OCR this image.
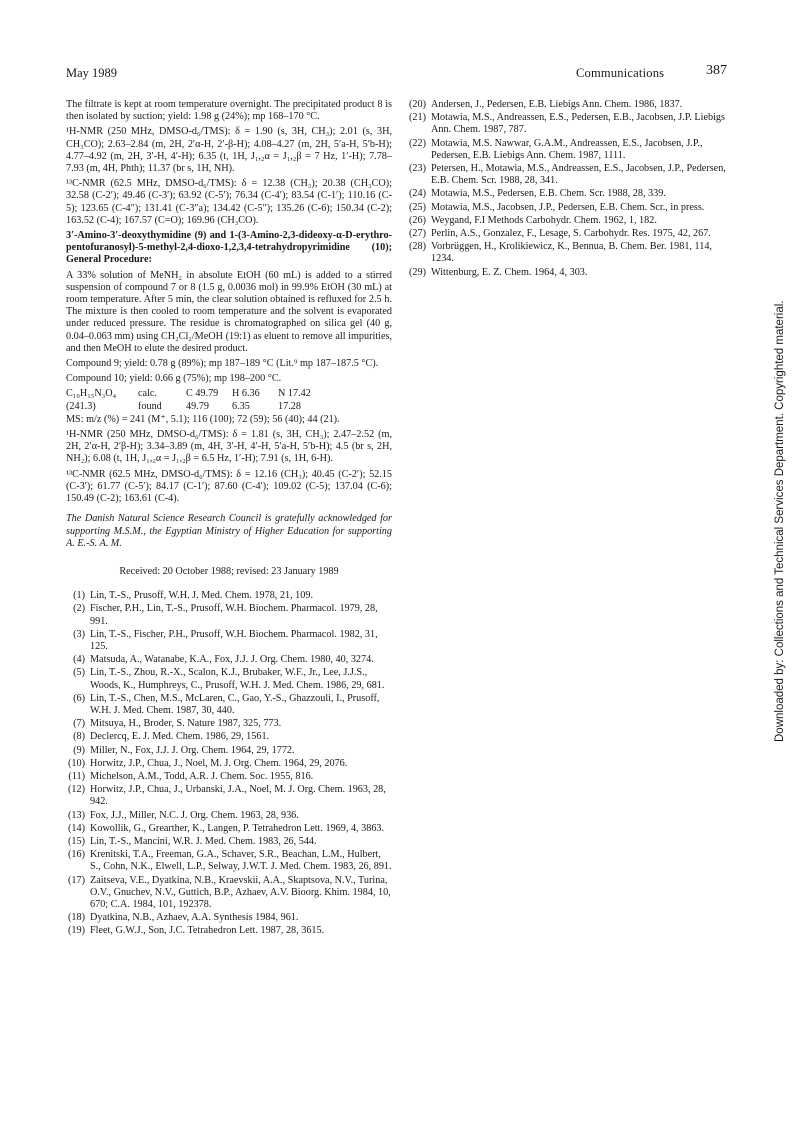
May 1989	Communications	387

The filtrate is kept at room temperature overnight. The precipitated product 8 is then isolated by suction; yield: 1.98 g (24%); mp 168–170 °C.

¹H-NMR (250 MHz, DMSO-d₆/TMS): δ = 1.90 (s, 3H, CH₃); 2.01 (s, 3H, CH₃CO); 2.63–2.84 (m, 2H, 2′α-H, 2′-β-H); 4.08–4.27 (m, 2H, 5′a-H, 5′b-H); 4.77–4.92 (m, 2H, 3′-H, 4′-H); 6.35 (t, 1H, J₁,₂α = J₁,₂β = 7 Hz, 1′-H); 7.78–7.93 (m, 4H, Phth); 11.37 (br s, 1H, NH).

¹³C-NMR (62.5 MHz, DMSO-d₆/TMS): δ = 12.38 (CH₃); 20.38 (CH₃CO); 32.58 (C-2′); 49.46 (C-3′); 63.92 (C-5′); 76.34 (C-4′); 83.54 (C-1′); 110.16 (C-5); 123.65 (C-4″); 131.41 (C-3″a); 134.42 (C-5″); 135.26 (C-6); 150.34 (C-2); 163.52 (C-4); 167.57 (C=O); 169.96 (CH₃CO).

3′-Amino-3′-deoxythymidine (9) and 1-(3-Amino-2,3-dideoxy-α-D-erythro-pentofuranosyl)-5-methyl-2,4-dioxo-1,2,3,4-tetrahydropyrimidine (10); General Procedure:

A 33% solution of MeNH₂ in absolute EtOH (60 mL) is added to a stirred suspension of compound 7 or 8 (1.5 g, 0.0036 mol) in 99.9% EtOH (30 mL) at room temperature. After 5 min, the clear solution obtained is refluxed for 2.5 h. The mixture is then cooled to room temperature and the solvent is evaporated under reduced pressure. The residue is chromatographed on silica gel (40 g, 0.04–0.063 mm) using CH₂Cl₂/MeOH (19:1) as eluent to remove all impurities, and then MeOH to elute the desired product.

Compound 9; yield: 0.78 g (89%); mp 187–189 °C (Lit.⁹ mp 187–187.5 °C).

Compound 10; yield: 0.66 g (75%); mp 198–200 °C.

C₁₀H₁₅N₃O₄	calc.	C 49.79	H 6.36	N 17.42
(241.3)	found	49.79	6.35	17.28

MS: m/z (%) = 241 (M⁺, 5.1); 116 (100); 72 (59); 56 (40); 44 (21).

¹H-NMR (250 MHz, DMSO-d₆/TMS): δ = 1.81 (s, 3H, CH₃); 2.47–2.52 (m, 2H, 2′α-H, 2′β-H); 3.34–3.89 (m, 4H, 3′-H, 4′-H, 5′a-H, 5′b-H); 4.5 (br s, 2H, NH₂); 6.08 (t, 1H, J₁,₂α = J₁,₂β = 6.5 Hz, 1′-H); 7.91 (s, 1H, 6-H).

¹³C-NMR (62.5 MHz, DMSO-d₆/TMS): δ = 12.16 (CH₃); 40.45 (C-2′); 52.15 (C-3′); 61.77 (C-5′); 84.17 (C-1′); 87.60 (C-4′); 109.02 (C-5); 137.04 (C-6); 150.49 (C-2); 163.61 (C-4).

The Danish Natural Science Research Council is gratefully acknowledged for supporting M.S.M., the Egyptian Ministry of Higher Education for supporting A. E.-S. A. M.

Received: 20 October 1988; revised: 23 January 1989

(1) Lin, T.-S., Prusoff, W.H. J. Med. Chem. 1978, 21, 109.
(2) Fischer, P.H., Lin, T.-S., Prusoff, W.H. Biochem. Pharmacol. 1979, 28, 991.
(3) Lin, T.-S., Fischer, P.H., Prusoff, W.H. Biochem. Pharmacol. 1982, 31, 125.
(4) Matsuda, A., Watanabe, K.A., Fox, J.J. J. Org. Chem. 1980, 40, 3274.
(5) Lin, T.-S., Zhou, R.-X., Scalon, K.J., Brubaker, W.F., Jr., Lee, J.J.S., Woods, K., Humphreys, C., Prusoff, W.H. J. Med. Chem. 1986, 29, 681.
(6) Lin, T.-S., Chen, M.S., McLaren, C., Gao, Y.-S., Ghazzouli, I., Prusoff, W.H. J. Med. Chem. 1987, 30, 440.
(7) Mitsuya, H., Broder, S. Nature 1987, 325, 773.
(8) Declercq, E. J. Med. Chem. 1986, 29, 1561.
(9) Miller, N., Fox, J.J. J. Org. Chem. 1964, 29, 1772.
(10) Horwitz, J.P., Chua, J., Noel, M. J. Org. Chem. 1964, 29, 2076.
(11) Michelson, A.M., Todd, A.R. J. Chem. Soc. 1955, 816.
(12) Horwitz, J.P., Chua, J., Urbanski, J.A., Noel, M. J. Org. Chem. 1963, 28, 942.
(13) Fox, J.J., Miller, N.C. J. Org. Chem. 1963, 28, 936.
(14) Kowollik, G., Grearther, K., Langen, P. Tetrahedron Lett. 1969, 4, 3863.
(15) Lin, T.-S., Mancini, W.R. J. Med. Chem. 1983, 26, 544.
(16) Krenitski, T.A., Freeman, G.A., Schaver, S.R., Beachan, L.M., Hulbert, S., Cohn, N.K., Elwell, L.P., Selway, J.W.T. J. Med. Chem. 1983, 26, 891.
(17) Zaitseva, V.E., Dyatkina, N.B., Kraevskii, A.A., Skaptsova, N.V., Turina, O.V., Gnuchev, N.V., Guttich, B.P., Azhaev, A.V. Bioorg. Khim. 1984, 10, 670; C.A. 1984, 101, 192378.
(18) Dyatkina, N.B., Azhaev, A.A. Synthesis 1984, 961.
(19) Fleet, G.W.J., Son, J.C. Tetrahedron Lett. 1987, 28, 3615.
(20) Andersen, J., Pedersen, E.B. Liebigs Ann. Chem. 1986, 1837.
(21) Motawia, M.S., Andreassen, E.S., Pedersen, E.B., Jacobsen, J.P. Liebigs Ann. Chem. 1987, 787.
(22) Motawia, M.S. Nawwar, G.A.M., Andreassen, E.S., Jacobsen, J.P., Pedersen, E.B. Liebigs Ann. Chem. 1987, 1111.
(23) Petersen, H., Motawia, M.S., Andreassen, E.S., Jacobsen, J.P., Pedersen, E.B. Chem. Scr. 1988, 28, 341.
(24) Motawia, M.S., Pedersen, E.B. Chem. Scr. 1988, 28, 339.
(25) Motawia, M.S., Jacobsen, J.P., Pedersen, E.B. Chem. Scr., in press.
(26) Weygand, F.I Methods Carbohydr. Chem. 1962, 1, 182.
(27) Perlin, A.S., Gonzalez, F., Lesage, S. Carbohydr. Res. 1975, 42, 267.
(28) Vorbrüggen, H., Krolikiewicz, K., Bennua, B. Chem. Ber. 1981, 114, 1234.
(29) Wittenburg, E. Z. Chem. 1964, 4, 303.
Downloaded by: Collections and Technical Services Department. Copyrighted material.
